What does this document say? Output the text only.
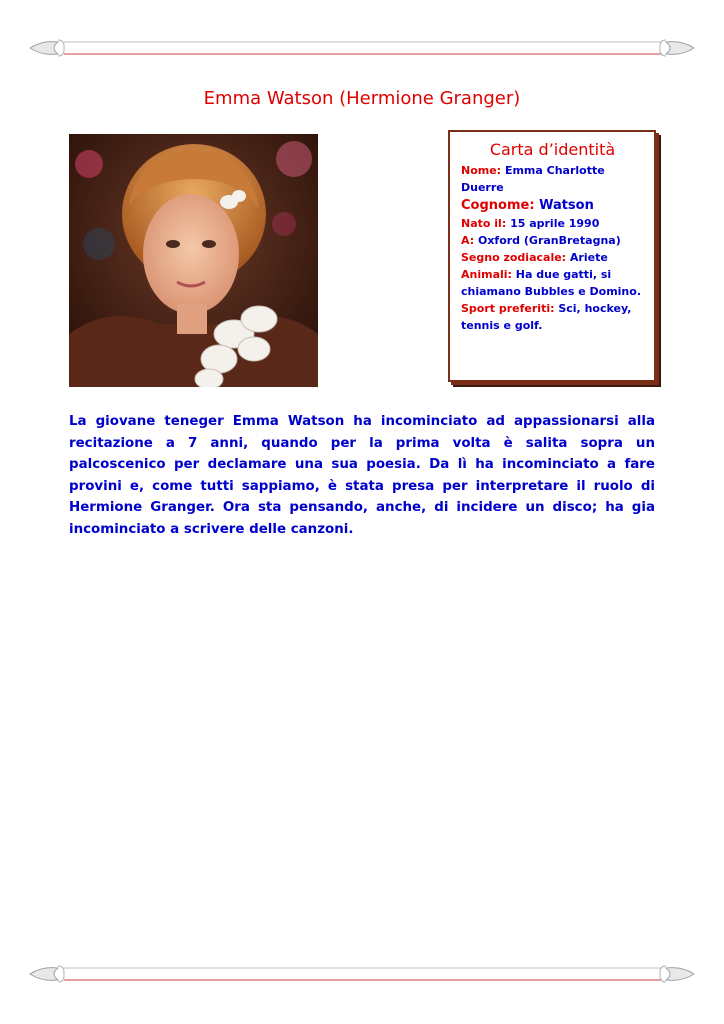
Emma Watson (Hermione Granger)
Carta d’identità
Nome: Emma Charlotte Duerre
Cognome: Watson
Nato il: 15 aprile 1990
A: Oxford (GranBretagna)
Segno zodiacale: Ariete
Animali: Ha due gatti, si chiamano Bubbles e Domino.
Sport preferiti: Sci, hockey, tennis e golf.
La giovane teneger Emma Watson ha incominciato ad appassionarsi alla recitazione a 7 anni, quando per la prima volta è salita sopra un palcoscenico per declamare una sua poesia. Da lì ha incominciato a fare provini e, come tutti sappiamo, è stata presa per interpretare il ruolo di Hermione Granger. Ora sta pensando, anche, di incidere un disco; ha gia incominciato a scrivere delle canzoni.
